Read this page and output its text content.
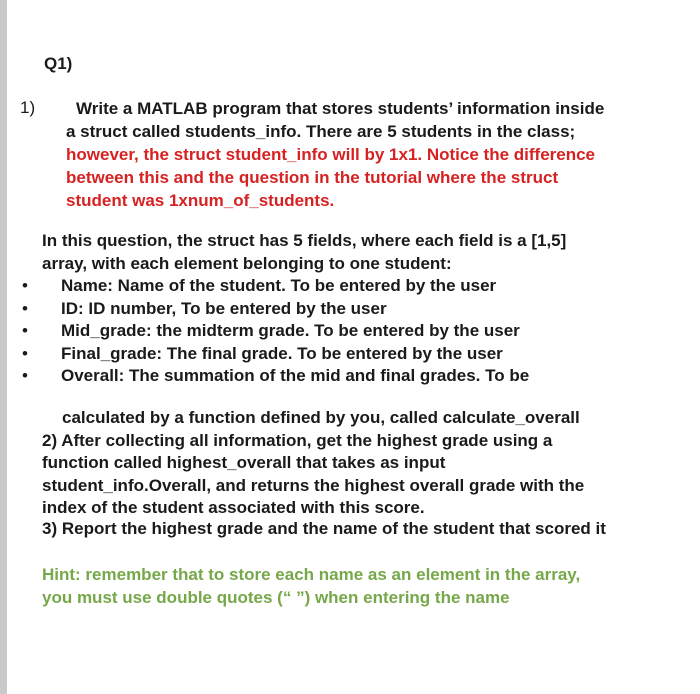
Q1)
1)	Write a MATLAB program that stores students’ information inside
a struct called students_info. There are 5 students in the class;
however, the struct student_info will by 1x1. Notice the difference
between this and the question in the tutorial where the struct
student was 1xnum_of_students.
In this question, the struct has 5 fields, where each field is a [1,5]
array, with each element belonging to one student:
• Name: Name of the student. To be entered by the user
• ID: ID number, To be entered by the user
• Mid_grade: the midterm grade. To be entered by the user
• Final_grade: The final grade. To be entered by the user
• Overall: The summation of the mid and final grades. To be
calculated by a function defined by you, called calculate_overall
2) After collecting all information, get the highest grade using a
function called highest_overall that takes as input
student_info.Overall, and returns the highest overall grade with the
index of the student associated with this score.
3) Report the highest grade and the name of the student that scored it
Hint: remember that to store each name as an element in the array,
you must use double quotes (“ ”) when entering the name
